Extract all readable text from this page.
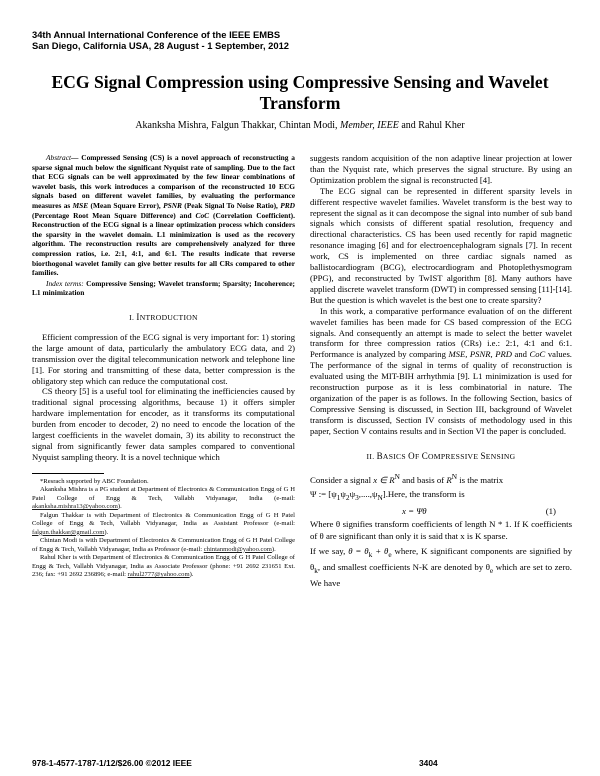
34th Annual International Conference of the IEEE EMBS
San Diego, California USA, 28 August - 1 September, 2012
ECG Signal Compression using Compressive Sensing and Wavelet Transform
Akanksha Mishra, Falgun Thakkar, Chintan Modi, Member, IEEE and Rahul Kher

Abstract— Compressed Sensing (CS) is a novel approach of reconstructing a sparse signal much below the significant Nyquist rate of sampling. Due to the fact that ECG signals can be well approximated by the few linear combinations of wavelet basis, this work introduces a comparison of the reconstructed 10 ECG signals based on different wavelet families, by evaluating the performance measures as MSE (Mean Square Error), PSNR (Peak Signal To Noise Ratio), PRD (Percentage Root Mean Square Difference) and CoC (Correlation Coefficient). Reconstruction of the ECG signal is a linear optimization process which considers the sparsity in the wavelet domain. L1 minimization is used as the recovery algorithm. The reconstruction results are comprehensively analyzed for three compression ratios, i.e. 2:1, 4:1, and 6:1. The results indicate that reverse biorthogonal wavelet family can give better results for all CRs compared to other families.

Index terms: Compressive Sensing; Wavelet transform; Sparsity; Incoherence; L1 minimization

I. INTRODUCTION

Efficient compression of the ECG signal is very important for: 1) storing the large amount of data, particularly the ambulatory ECG data, and 2) transmission over the digital telecommunication network and telephone line [1]. For storing and transmitting of these data, better compression is the obligatory step which can reduce the computational cost.

CS theory [5] is a useful tool for eliminating the inefficiencies caused by traditional signal processing algorithms, because 1) it offers simpler hardware implementation for encoder, as it transforms its computational burden from encoder to decoder, 2) no need to encode the location of the largest coefficients in the wavelet domain, 3) its ability to reconstruct the signal from significantly fewer data samples compared to conventional Nyquist sampling theory. It is a novel technique which

*Resrach supported by ABC Foundation.

Akanksha Mishra is a PG student at Department of Electronics & Communication Engg of G H Patel College of Engg & Tech, Vallabh Vidyanagar, India (e-mail: akanksha.mishra13@yahoo.com).

Falgun Thakkar is with Department of Electronics & Communication Engg of G H Patel College of Engg & Tech, Vallabh Vidyanagar, India as Assistant Professor (e-mail: falgun.thakkar@gmail.com).

Chintan Modi is with Department of Electronics & Communication Engg of G H Patel College of Engg & Tech, Vallabh Vidyanagar, India as Professor (e-mail: chintanmodi@yahoo.com).

Rahul Kher is with Department of Electronics & Communication Engg of G H Patel College of Engg & Tech, Vallabh Vidyanagar, India as Associate Professor (phone: +91 2692 231651 Ext. 236; fax: +91 2692 236896; e-mail: rahul2777@yahoo.com).

suggests random acquisition of the non adaptive linear projection at lower than the Nyquist rate, which preserves the signal structure. By using an Optimization problem the signal is reconstructed [4].

The ECG signal can be represented in different sparsity levels in different respective wavelet families. Wavelet transform is the best way to represent the signal as it can decompose the signal into number of sub band signals which consists of different spatial resolution, frequency and directional characteristics. CS has been used recently for rapid magnetic resonance imaging [6] and for electroencephalogram signals [7]. In recent work, CS is implemented on three cardiac signals named as ballistocardiogram (BCG), electrocardiogram and Photoplethysmogram (PPG), and reconstructed by TwIST algorithm [8]. Many authors have applied discrete wavelet transform (DWT) in compressed sensing [11]-[14]. But the question is which wavelet is the best one to create sparsity?

In this work, a comparative performance evaluation of on the different wavelet families has been made for CS based compression of the ECG signals. And consequently an attempt is made to select the better wavelet transform for three compression ratios (CRs) i.e.: 2:1, 4:1 and 6:1. Performance is analyzed by comparing MSE, PSNR, PRD and CoC values. The performance of the signal in terms of quality of reconstruction is evaluated using the MIT-BIH arrhythmia [9]. L1 minimization is used for reconstruction purpose as it is less combinatorial in nature. The organization of the paper is as follows. In the following Section, basics of Compressive Sensing is discussed, in Section III, background of Wavelet transform is discussed, Section IV consists of methodology used in this paper, Section V contains results and in Section VI the paper is concluded.

II. BASICS OF COMPRESSIVE SENSING

Consider a signal x ∈ $R^N$ and basis of $R^N$ is the matrix

Ψ := $[\psi_1\psi_2\psi_3,....,\psi_N].Here$, the transform is

x = Ψθ	(1)

Where θ signifies transform coefficients of length N * 1. If K coefficients of θ are significant than only it is said that x is K sparse.

If we say, $\theta = \theta_k + \theta_e$ where, K significant components are signified by $\theta_k$, and smallest coefficients N-K are denoted by $\theta_e$ which are set to zero. We have

978-1-4577-1787-1/12/$26.00 ©2012 IEEE	3404
